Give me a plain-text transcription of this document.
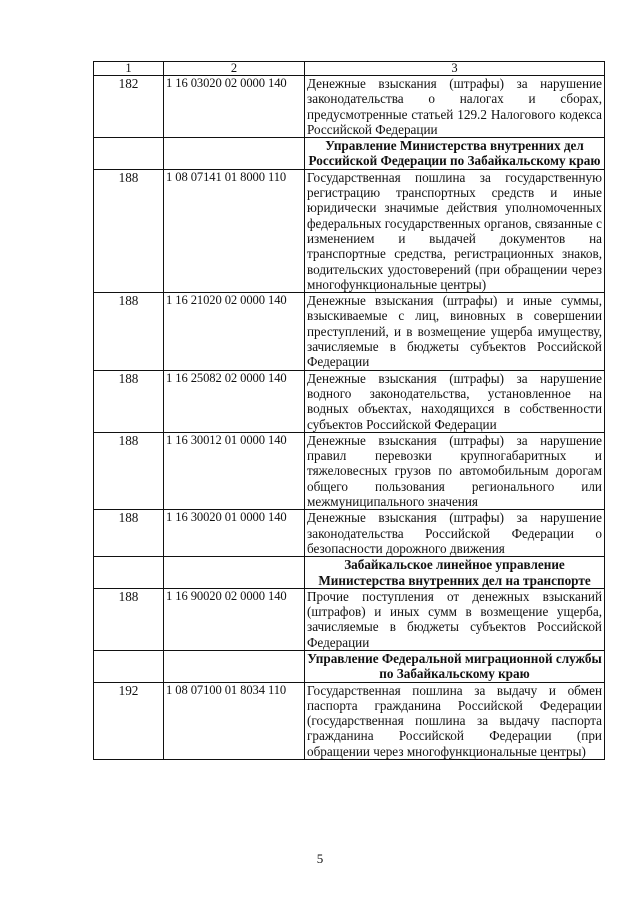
1	2	3
182	1 16 03020 02 0000 140	Денежные взыскания (штрафы) за нарушение законодательства о налогах и сборах, предусмотренные статьей 129.2 Налогового кодекса Российской Федерации
		Управление Министерства внутренних дел Российской Федерации по Забайкальскому краю
188	1 08 07141 01 8000 110	Государственная пошлина за государственную регистрацию транспортных средств и иные юридически значимые действия уполномоченных федеральных государственных органов, связанные с изменением и выдачей документов на транспортные средства, регистрационных знаков, водительских удостоверений (при обращении через многофункциональные центры)
188	1 16 21020 02 0000 140	Денежные взыскания (штрафы) и иные суммы, взыскиваемые с лиц, виновных в совершении преступлений, и в возмещение ущерба имуществу, зачисляемые в бюджеты субъектов Российской Федерации
188	1 16 25082 02 0000 140	Денежные взыскания (штрафы) за нарушение водного законодательства, установленное на водных объектах, находящихся в собственности субъектов Российской Федерации
188	1 16 30012 01 0000 140	Денежные взыскания (штрафы) за нарушение правил перевозки крупногабаритных и тяжеловесных грузов по автомобильным дорогам общего пользования регионального или межмуниципального значения
188	1 16 30020 01 0000 140	Денежные взыскания (штрафы) за нарушение законодательства Российской Федерации о безопасности дорожного движения
		Забайкальское линейное управление Министерства внутренних дел на транспорте
188	1 16 90020 02 0000 140	Прочие поступления от денежных взысканий (штрафов) и иных сумм в возмещение ущерба, зачисляемые в бюджеты субъектов Российской Федерации
		Управление Федеральной миграционной службы по Забайкальскому краю
192	1 08 07100 01 8034 110	Государственная пошлина за выдачу и обмен паспорта гражданина Российской Федерации (государственная пошлина за выдачу паспорта гражданина Российской Федерации (при обращении через многофункциональные центры)
5
